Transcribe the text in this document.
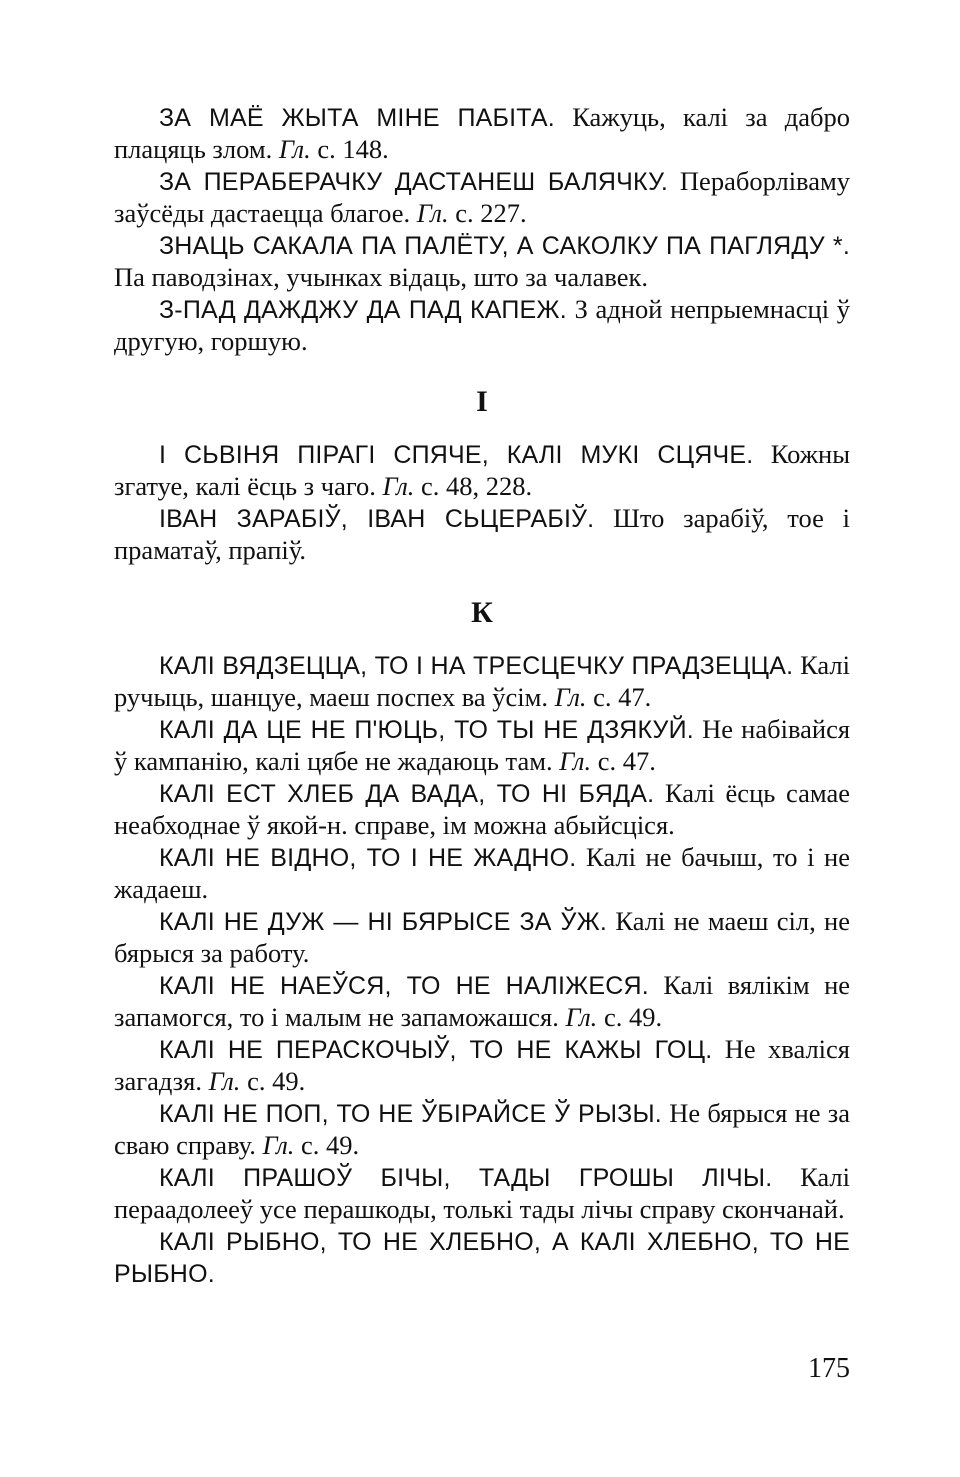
ЗА МАЁ ЖЫТА МІНЕ ПАБІТА. Кажуць, калі за дабро плацяць злом. Гл. с. 148.

ЗА ПЕРАБЕРАЧКУ ДАСТАНЕШ БАЛЯЧКУ. Пераборліваму заўсёды дастаецца благое. Гл. с. 227.

ЗНАЦЬ САКАЛА ПА ПАЛЁТУ, А САКОЛКУ ПА ПАГЛЯДУ *. Па паводзінах, учынках відаць, што за чалавек.

З-ПАД ДАЖДЖУ ДА ПАД КАПЕЖ. З адной непрыемнасці ў другую, горшую.

I

І СЬВІНЯ ПІРАГІ СПЯЧЕ, КАЛІ МУКІ СЦЯЧЕ. Кожны згатуе, калі ёсць з чаго. Гл. с. 48, 228.

ІВАН ЗАРАБІЎ, ІВАН СЬЦЕРАБІЎ. Што зарабіў, тое і праматаў, прапіў.

К

КАЛІ ВЯДЗЕЦЦА, ТО І НА ТРЕСЦЕЧКУ ПРАДЗЕЦЦА. Калі ручыць, шанцуе, маеш поспех ва ўсім. Гл. с. 47.

КАЛІ ДА ЦЕ НЕ П'ЮЦЬ, ТО ТЫ НЕ ДЗЯКУЙ. Не набівайся ў кампанію, калі цябе не жадаюць там. Гл. с. 47.

КАЛІ ЕСТ ХЛЕБ ДА ВАДА, ТО НІ БЯДА. Калі ёсць самае неабходнае ў якой-н. справе, ім можна абыйсціся.

КАЛІ НЕ ВІДНО, ТО І НЕ ЖАДНО. Калі не бачыш, то і не жадаеш.

КАЛІ НЕ ДУЖ — НІ БЯРЫСЕ ЗА ЎЖ. Калі не маеш сіл, не бярыся за работу.

КАЛІ НЕ НАЕЎСЯ, ТО НЕ НАЛІЖЕСЯ. Калі вялікім не запамогся, то і малым не запаможашся. Гл. с. 49.

КАЛІ НЕ ПЕРАСКОЧЫЎ, ТО НЕ КАЖЫ ГОЦ. Не хваліся загадзя. Гл. с. 49.

КАЛІ НЕ ПОП, ТО НЕ ЎБІРАЙСЕ Ў РЫЗЫ. Не бярыся не за сваю справу. Гл. с. 49.

КАЛІ ПРАШОЎ БІЧЫ, ТАДЫ ГРОШЫ ЛІЧЫ. Калі пераадолееў усе перашкоды, толькі тады лічы справу скончанай.

КАЛІ РЫБНО, ТО НЕ ХЛЕБНО, А КАЛІ ХЛЕБНО, ТО НЕ РЫБНО.

175
